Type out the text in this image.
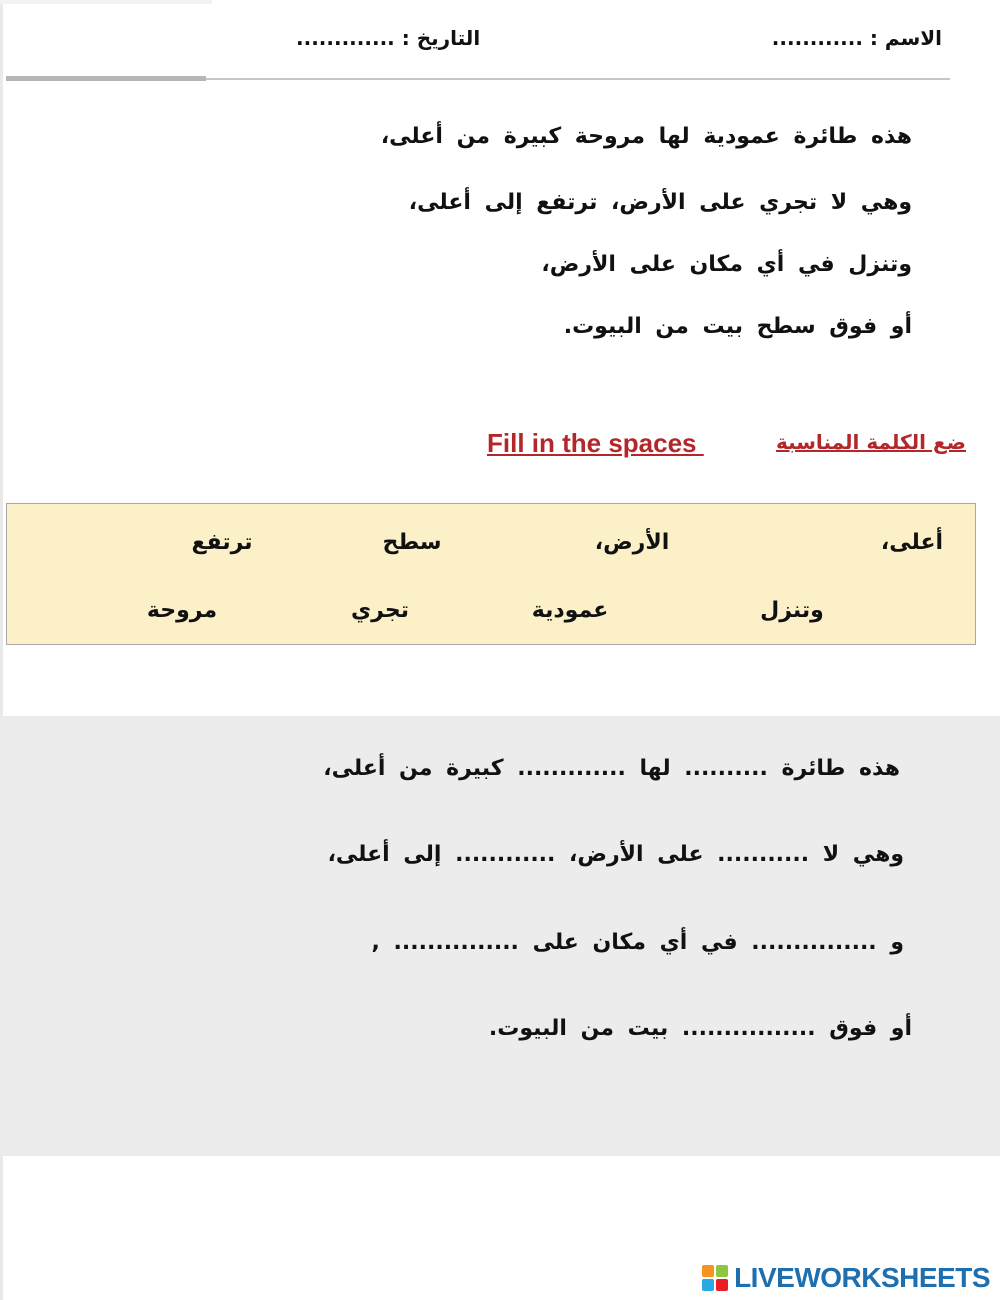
الاسم : ............
التاريخ : .............
هذه طائرة عمودية لها مروحة كبيرة من أعلى،
وهي لا تجري على الأرض، ترتفع إلى أعلى،
وتنزل في أي مكان على الأرض،
أو فوق سطح بيت من البيوت.
ضع الكلمة المناسبة
Fill in the spaces
أعلى،
الأرض،
سطح
ترتفع
وتنزل
عمودية
تجري
مروحة
هذه طائرة .......... لها ............. كبيرة من أعلى،
وهي لا ........... على الأرض، ............ إلى أعلى،
و ............... في أي مكان على ............... ,
أو فوق ................ بيت من البيوت.
LIVEWORKSHEETS
